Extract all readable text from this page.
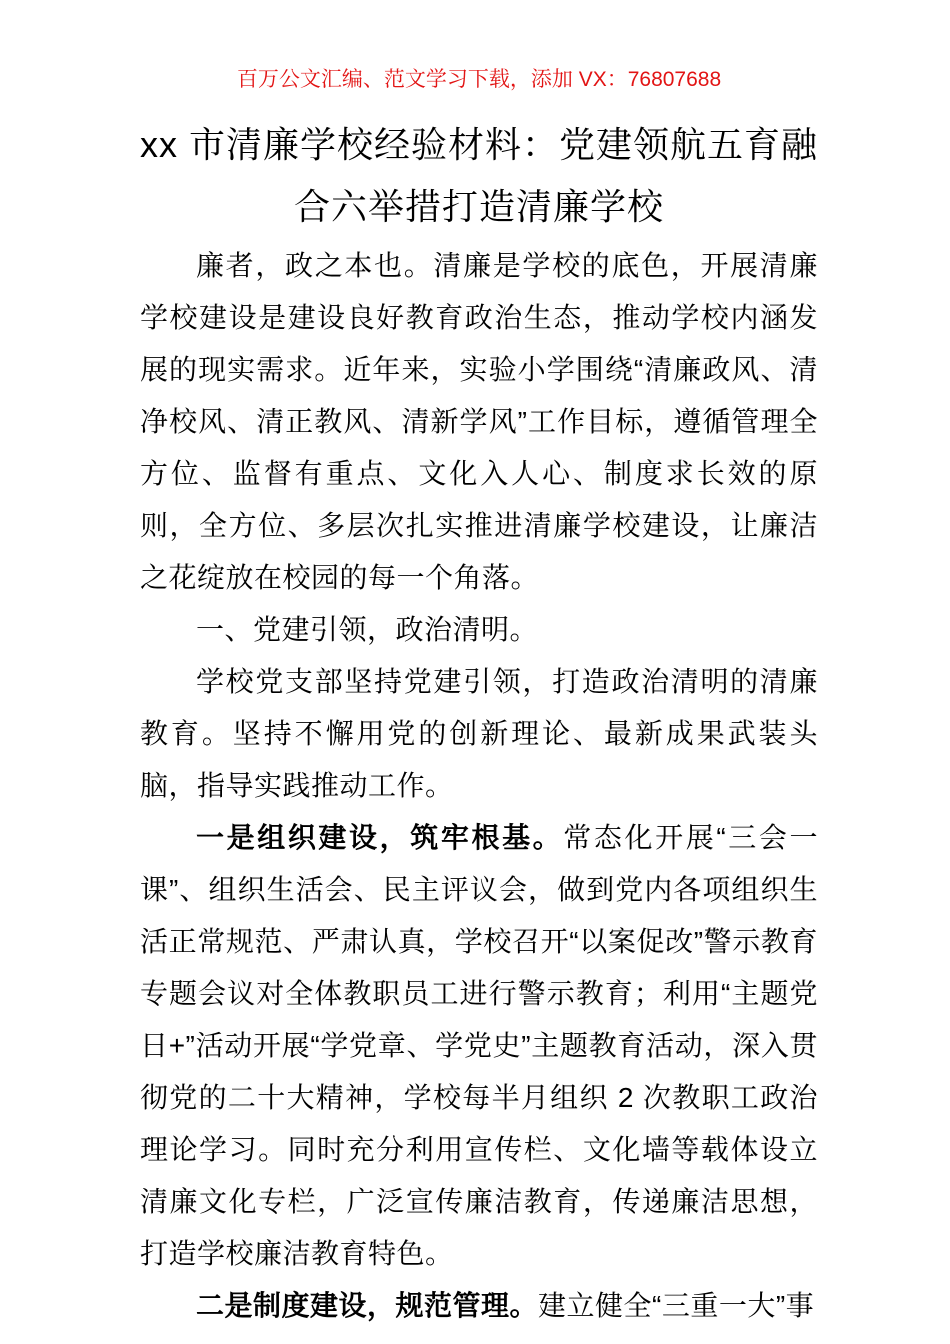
百万公文汇编、范文学习下载，添加 VX：76807688
xx 市清廉学校经验材料：党建领航五育融合六举措打造清廉学校

廉者，政之本也。清廉是学校的底色，开展清廉学校建设是建设良好教育政治生态，推动学校内涵发展的现实需求。近年来，实验小学围绕“清廉政风、清净校风、清正教风、清新学风”工作目标，遵循管理全方位、监督有重点、文化入人心、制度求长效的原则，全方位、多层次扎实推进清廉学校建设，让廉洁之花绽放在校园的每一个角落。

一、党建引领，政治清明。

学校党支部坚持党建引领，打造政治清明的清廉教育。坚持不懈用党的创新理论、最新成果武装头脑，指导实践推动工作。

一是组织建设，筑牢根基。常态化开展“三会一课”、组织生活会、民主评议会，做到党内各项组织生活正常规范、严肃认真，学校召开“以案促改”警示教育专题会议对全体教职员工进行警示教育；利用“主题党日+”活动开展“学党章、学党史”主题教育活动，深入贯彻党的二十大精神，学校每半月组织 2 次教职工政治理论学习。同时充分利用宣传栏、文化墙等载体设立清廉文化专栏，广泛宣传廉洁教育，传递廉洁思想，打造学校廉洁教育特色。

二是制度建设，规范管理。建立健全“三重一大”事
